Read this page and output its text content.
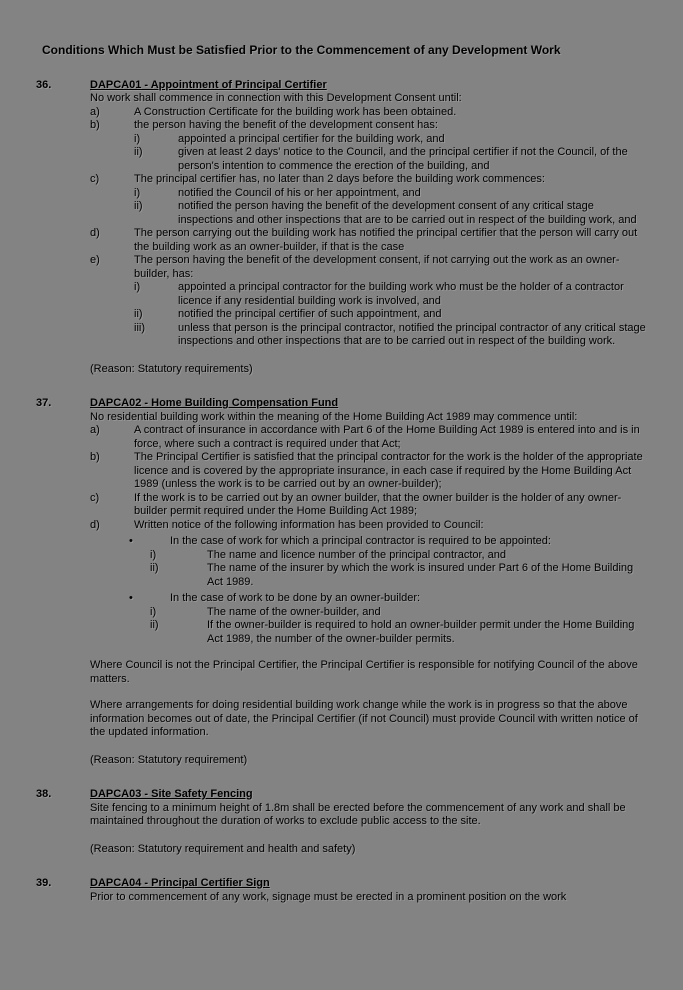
Conditions Which Must be Satisfied Prior to the Commencement of any Development Work
36.	DAPCA01 - Appointment of Principal Certifier
No work shall commence in connection with this Development Consent until:
a)	A Construction Certificate for the building work has been obtained.
b)	the person having the benefit of the development consent has:
i)	appointed a principal certifier for the building work, and
ii)	given at least 2 days' notice to the Council, and the principal certifier if not the Council, of the person's intention to commence the erection of the building, and
c)	The principal certifier has, no later than 2 days before the building work commences:
i)	notified the Council of his or her appointment, and
ii)	notified the person having the benefit of the development consent of any critical stage inspections and other inspections that are to be carried out in respect of the building work, and
d)	The person carrying out the building work has notified the principal certifier that the person will carry out the building work as an owner-builder, if that is the case
e)	The person having the benefit of the development consent, if not carrying out the work as an owner-builder, has:
i)	appointed a principal contractor for the building work who must be the holder of a contractor licence if any residential building work is involved, and
ii)	notified the principal certifier of such appointment, and
iii)	unless that person is the principal contractor, notified the principal contractor of any critical stage inspections and other inspections that are to be carried out in respect of the building work.
(Reason: Statutory requirements)
37.	DAPCA02 - Home Building Compensation Fund
No residential building work within the meaning of the Home Building Act 1989 may commence until:
a)	A contract of insurance in accordance with Part 6 of the Home Building Act 1989 is entered into and is in force, where such a contract is required under that Act;
b)	The Principal Certifier is satisfied that the principal contractor for the work is the holder of the appropriate licence and is covered by the appropriate insurance, in each case if required by the Home Building Act 1989 (unless the work is to be carried out by an owner-builder);
c)	If the work is to be carried out by an owner builder, that the owner builder is the holder of any owner-builder permit required under the Home Building Act 1989;
d)	Written notice of the following information has been provided to Council:
•	In the case of work for which a principal contractor is required to be appointed:
i)	The name and licence number of the principal contractor, and
ii)	The name of the insurer by which the work is insured under Part 6 of the Home Building Act 1989.
•	In the case of work to be done by an owner-builder:
i)	The name of the owner-builder, and
ii)	If the owner-builder is required to hold an owner-builder permit under the Home Building Act 1989, the number of the owner-builder permits.
Where Council is not the Principal Certifier, the Principal Certifier is responsible for notifying Council of the above matters.
Where arrangements for doing residential building work change while the work is in progress so that the above information becomes out of date, the Principal Certifier (if not Council) must provide Council with written notice of the updated information.
(Reason: Statutory requirement)
38.	DAPCA03 - Site Safety Fencing
Site fencing to a minimum height of 1.8m shall be erected before the commencement of any work and shall be maintained throughout the duration of works to exclude public access to the site.
(Reason: Statutory requirement and health and safety)
39.	DAPCA04 - Principal Certifier Sign
Prior to commencement of any work, signage must be erected in a prominent position on the work
